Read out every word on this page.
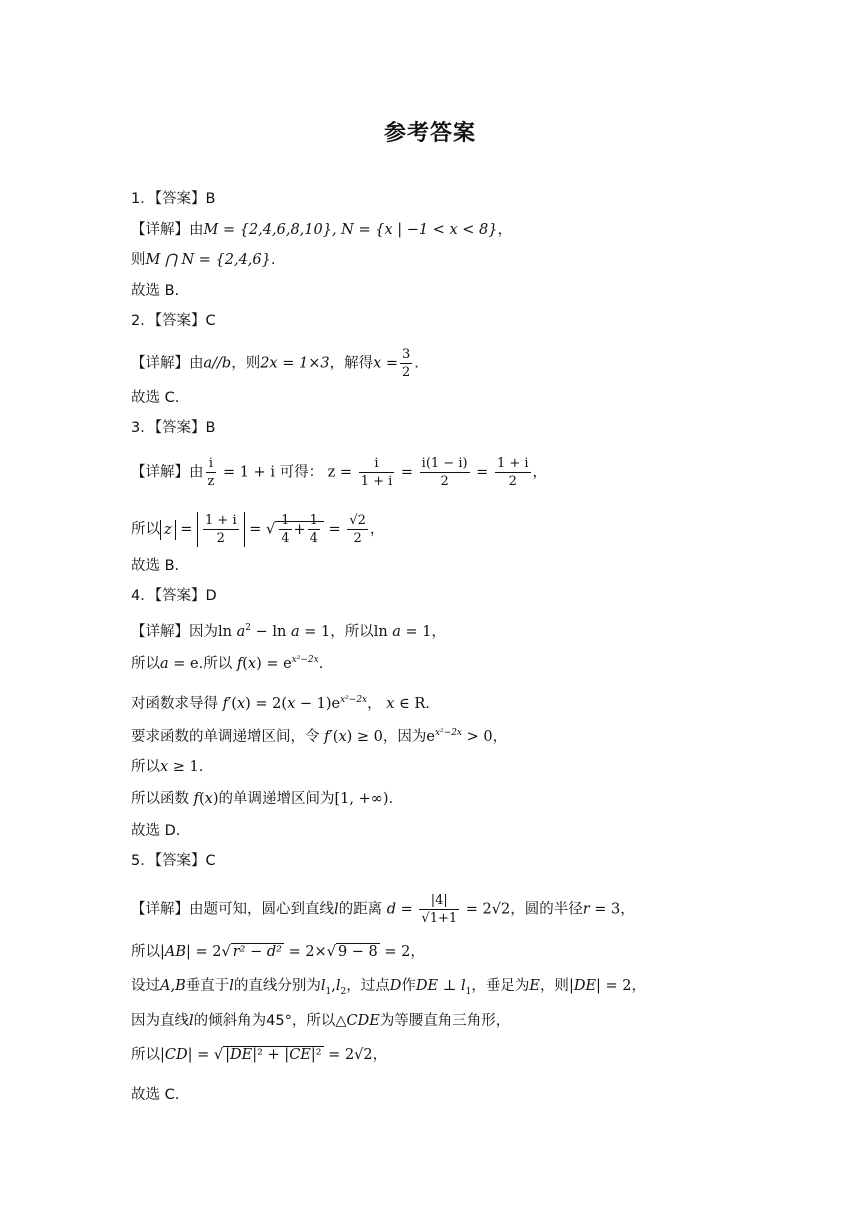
参考答案
1．【答案】B
【详解】由M = {2,4,6,8,10}, N = {x | −1 < x < 8}，
则M ⋂ N = {2,4,6}.
故选 B.
2．【答案】C
【详解】由a//b，则2x = 1×3，解得$x = \frac{3}{2}$ .
故选 C.
3．【答案】B
【详解】由 $\frac{i}{z} = 1 + i$ 可得： $z = \frac{i}{1 + i} = \frac{i(1 - i)}{2} = \frac{1 + i}{2}$ ，
所以 $z = \frac{1 + i}{2}$ = √ $\frac{1}{4} + \frac{1}{4} = \frac{√2}{2}$ ，
故选 B.
4．【答案】D
【详解】因为$\ln a^2 - \ln a = 1$，所以ln a = 1，
所以a = e.所以 $f(x) = e^{x^2-2x}$.
对函数求导得 $f'(x) = 2(x - 1)e^{x^2-2x}$， x ∈ R.
要求函数的单调递增区间，令 f′(x) ≥ 0，因为$e^{x^2-2x} > 0$，
所以x ≥ 1.
所以函数 f(x)的单调递增区间为[1, +∞).
故选 D.
5．【答案】C
【详解】由题可知，圆心到直线l的距离 $d = \frac{|4|}{√1+1} = 2√2$，圆的半径r = 3，
所以|AB| = 2√ r² − d² = 2×√ 9 − 8 = 2，
设过A,B垂直于l的直线分别为$l_1,l_2$，过点D作DE ⊥ $l_1$，垂足为E，则|DE| = 2，
因为直线l的倾斜角为45°，所以△CDE为等腰直角三角形，
所以|CD| = √ |DE|² + |CE|² = 2√2，
故选 C.
